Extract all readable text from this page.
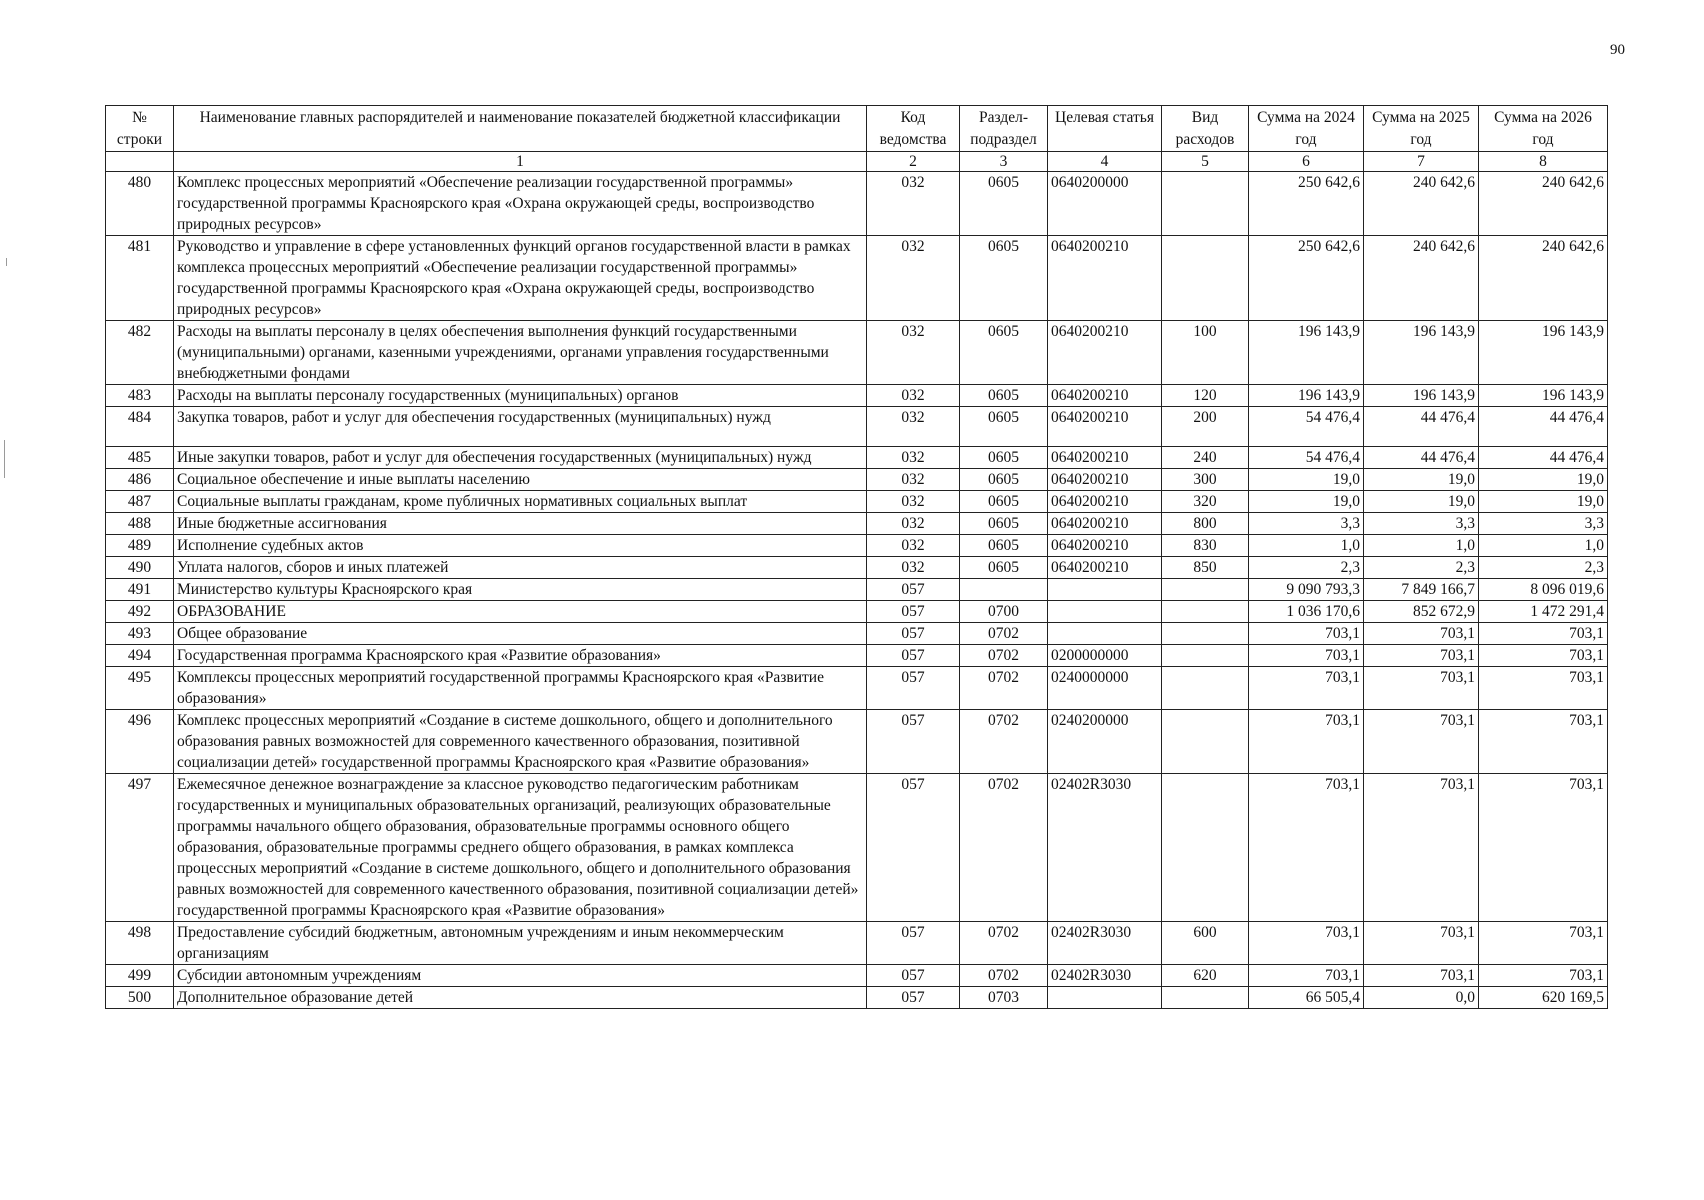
90
№ строки	Наименование главных распорядителей и наименование показателей бюджетной классификации	Код ведомства	Раздел-подраздел	Целевая статья	Вид расходов	Сумма на 2024 год	Сумма на 2025 год	Сумма на 2026 год
	1	2	3	4	5	6	7	8
480	Комплекс процессных мероприятий «Обеспечение реализации государственной программы» государственной программы Красноярского края «Охрана окружающей среды, воспроизводство природных ресурсов»	032	0605	0640200000		250 642,6	240 642,6	240 642,6
481	Руководство и управление в сфере установленных функций органов государственной власти в рамках комплекса процессных мероприятий «Обеспечение реализации государственной программы» государственной программы Красноярского края «Охрана окружающей среды, воспроизводство природных ресурсов»	032	0605	0640200210		250 642,6	240 642,6	240 642,6
482	Расходы на выплаты персоналу в целях обеспечения выполнения функций государственными (муниципальными) органами, казенными учреждениями, органами управления государственными внебюджетными фондами	032	0605	0640200210	100	196 143,9	196 143,9	196 143,9
483	Расходы на выплаты персоналу государственных (муниципальных) органов	032	0605	0640200210	120	196 143,9	196 143,9	196 143,9
484	Закупка товаров, работ и услуг для обеспечения государственных (муниципальных) нужд	032	0605	0640200210	200	54 476,4	44 476,4	44 476,4
485	Иные закупки товаров, работ и услуг для обеспечения государственных (муниципальных) нужд	032	0605	0640200210	240	54 476,4	44 476,4	44 476,4
486	Социальное обеспечение и иные выплаты населению	032	0605	0640200210	300	19,0	19,0	19,0
487	Социальные выплаты гражданам, кроме публичных нормативных социальных выплат	032	0605	0640200210	320	19,0	19,0	19,0
488	Иные бюджетные ассигнования	032	0605	0640200210	800	3,3	3,3	3,3
489	Исполнение судебных актов	032	0605	0640200210	830	1,0	1,0	1,0
490	Уплата налогов, сборов и иных платежей	032	0605	0640200210	850	2,3	2,3	2,3
491	Министерство культуры Красноярского края	057				9 090 793,3	7 849 166,7	8 096 019,6
492	ОБРАЗОВАНИЕ	057	0700			1 036 170,6	852 672,9	1 472 291,4
493	Общее образование	057	0702			703,1	703,1	703,1
494	Государственная программа Красноярского края «Развитие образования»	057	0702	0200000000		703,1	703,1	703,1
495	Комплексы процессных мероприятий государственной программы Красноярского края «Развитие образования»	057	0702	0240000000		703,1	703,1	703,1
496	Комплекс процессных мероприятий «Создание в системе дошкольного, общего и дополнительного образования равных возможностей для современного качественного образования, позитивной социализации детей» государственной программы Красноярского края «Развитие образования»	057	0702	0240200000		703,1	703,1	703,1
497	Ежемесячное денежное вознаграждение за классное руководство педагогическим работникам государственных и муниципальных образовательных организаций, реализующих образовательные программы начального общего образования, образовательные программы основного общего образования, образовательные программы среднего общего образования, в рамках комплекса процессных мероприятий «Создание в системе дошкольного, общего и дополнительного образования равных возможностей для современного качественного образования, позитивной социализации детей» государственной программы Красноярского края «Развитие образования»	057	0702	02402R3030		703,1	703,1	703,1
498	Предоставление субсидий бюджетным, автономным учреждениям и иным некоммерческим организациям	057	0702	02402R3030	600	703,1	703,1	703,1
499	Субсидии автономным учреждениям	057	0702	02402R3030	620	703,1	703,1	703,1
500	Дополнительное образование детей	057	0703			66 505,4	0,0	620 169,5
